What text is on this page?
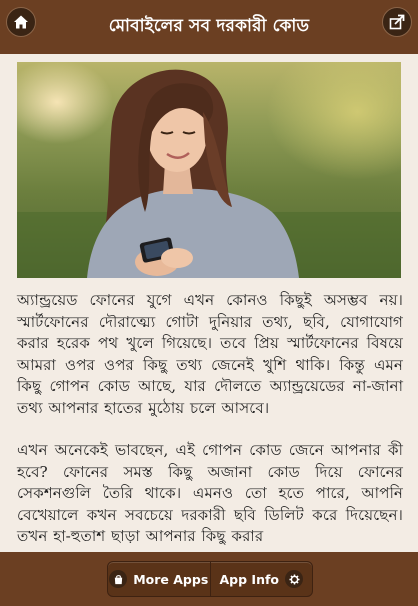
মোবাইলের সব দরকারী কোড

অ্যান্ড্রয়েড ফোনের যুগে এখন কোনও কিছুই অসম্ভব নয়। স্মার্টফোনের দৌরাত্ম্যে গোটা দুনিয়ার তথ্য, ছবি, যোগাযোগ করার হরেক পথ খুলে গিয়েছে। তবে প্রিয় স্মার্টফোনের বিষয়ে আমরা ওপর ওপর কিছু তথ্য জেনেই খুশি থাকি। কিন্তু এমন কিছু গোপন কোড আছে, যার দৌলতে অ্যান্ড্রয়েডের না-জানা তথ্য আপনার হাতের মুঠোয় চলে আসবে।

এখন অনেকেই ভাবছেন, এই গোপন কোড জেনে আপনার কী হবে? ফোনের সমস্ত কিছু অজানা কোড দিয়ে ফোনের সেকশনগুলি তৈরি থাকে। এমনও তো হতে পারে, আপনি বেখেয়ালে কখন সবচেয়ে দরকারী ছবি ডিলিট করে দিয়েছেন। তখন হা-হুতাশ ছাড়া আপনার কিছু করার

More Apps App Info
